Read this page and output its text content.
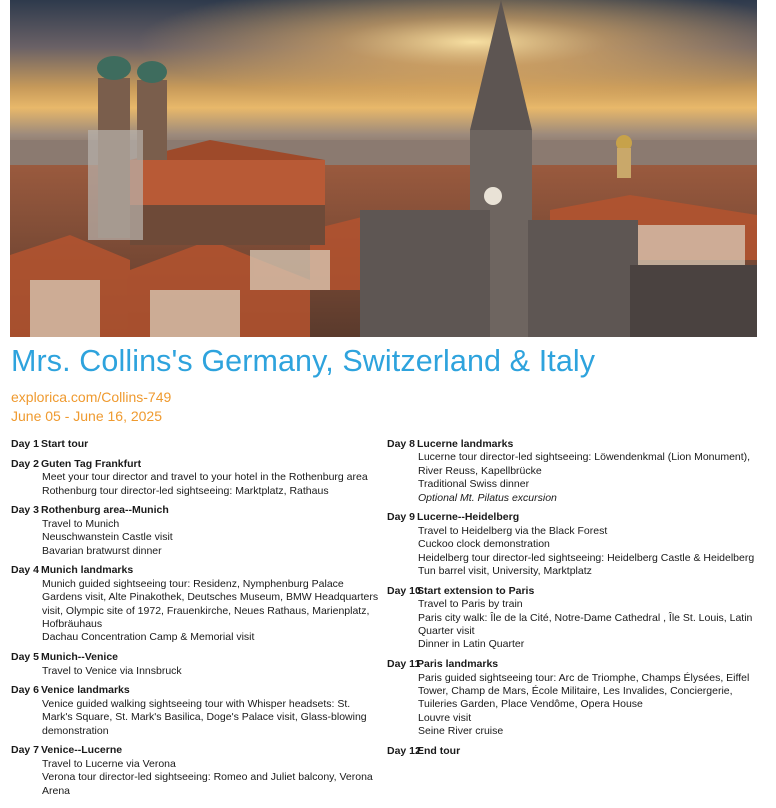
Mrs. Collins's Germany, Switzerland & Italy
explorica.com/Collins-749
June 05 - June 16, 2025
Day 1 Start tour
Day 2 Guten Tag Frankfurt
Meet your tour director and travel to your hotel in the Rothenburg area
Rothenburg tour director-led sightseeing: Marktplatz, Rathaus
Day 3 Rothenburg area--Munich
Travel to Munich
Neuschwanstein Castle visit
Bavarian bratwurst dinner
Day 4 Munich landmarks
Munich guided sightseeing tour: Residenz, Nymphenburg Palace Gardens visit, Alte Pinakothek, Deutsches Museum, BMW Headquarters visit, Olympic site of 1972, Frauenkirche, Neues Rathaus, Marienplatz, Hofbräuhaus
Dachau Concentration Camp & Memorial visit
Day 5 Munich--Venice
Travel to Venice via Innsbruck
Day 6 Venice landmarks
Venice guided walking sightseeing tour with Whisper headsets: St. Mark's Square, St. Mark's Basilica, Doge's Palace visit, Glass-blowing demonstration
Day 7 Venice--Lucerne
Travel to Lucerne via Verona
Verona tour director-led sightseeing: Romeo and Juliet balcony, Verona Arena
Day 8 Lucerne landmarks
Lucerne tour director-led sightseeing: Löwendenkmal (Lion Monument), River Reuss, Kapellbrücke
Traditional Swiss dinner
Optional Mt. Pilatus excursion
Day 9 Lucerne--Heidelberg
Travel to Heidelberg via the Black Forest
Cuckoo clock demonstration
Heidelberg tour director-led sightseeing: Heidelberg Castle & Heidelberg Tun barrel visit, University, Marktplatz
Day 10Start extension to Paris
Travel to Paris by train
Paris city walk: Île de la Cité, Notre-Dame Cathedral , Île St. Louis, Latin Quarter visit
Dinner in Latin Quarter
Day 11Paris landmarks
Paris guided sightseeing tour: Arc de Triomphe, Champs Élysées, Eiffel Tower, Champ de Mars, École Militaire, Les Invalides, Conciergerie, Tuileries Garden, Place Vendôme, Opera House
Louvre visit
Seine River cruise
Day 12End tour
